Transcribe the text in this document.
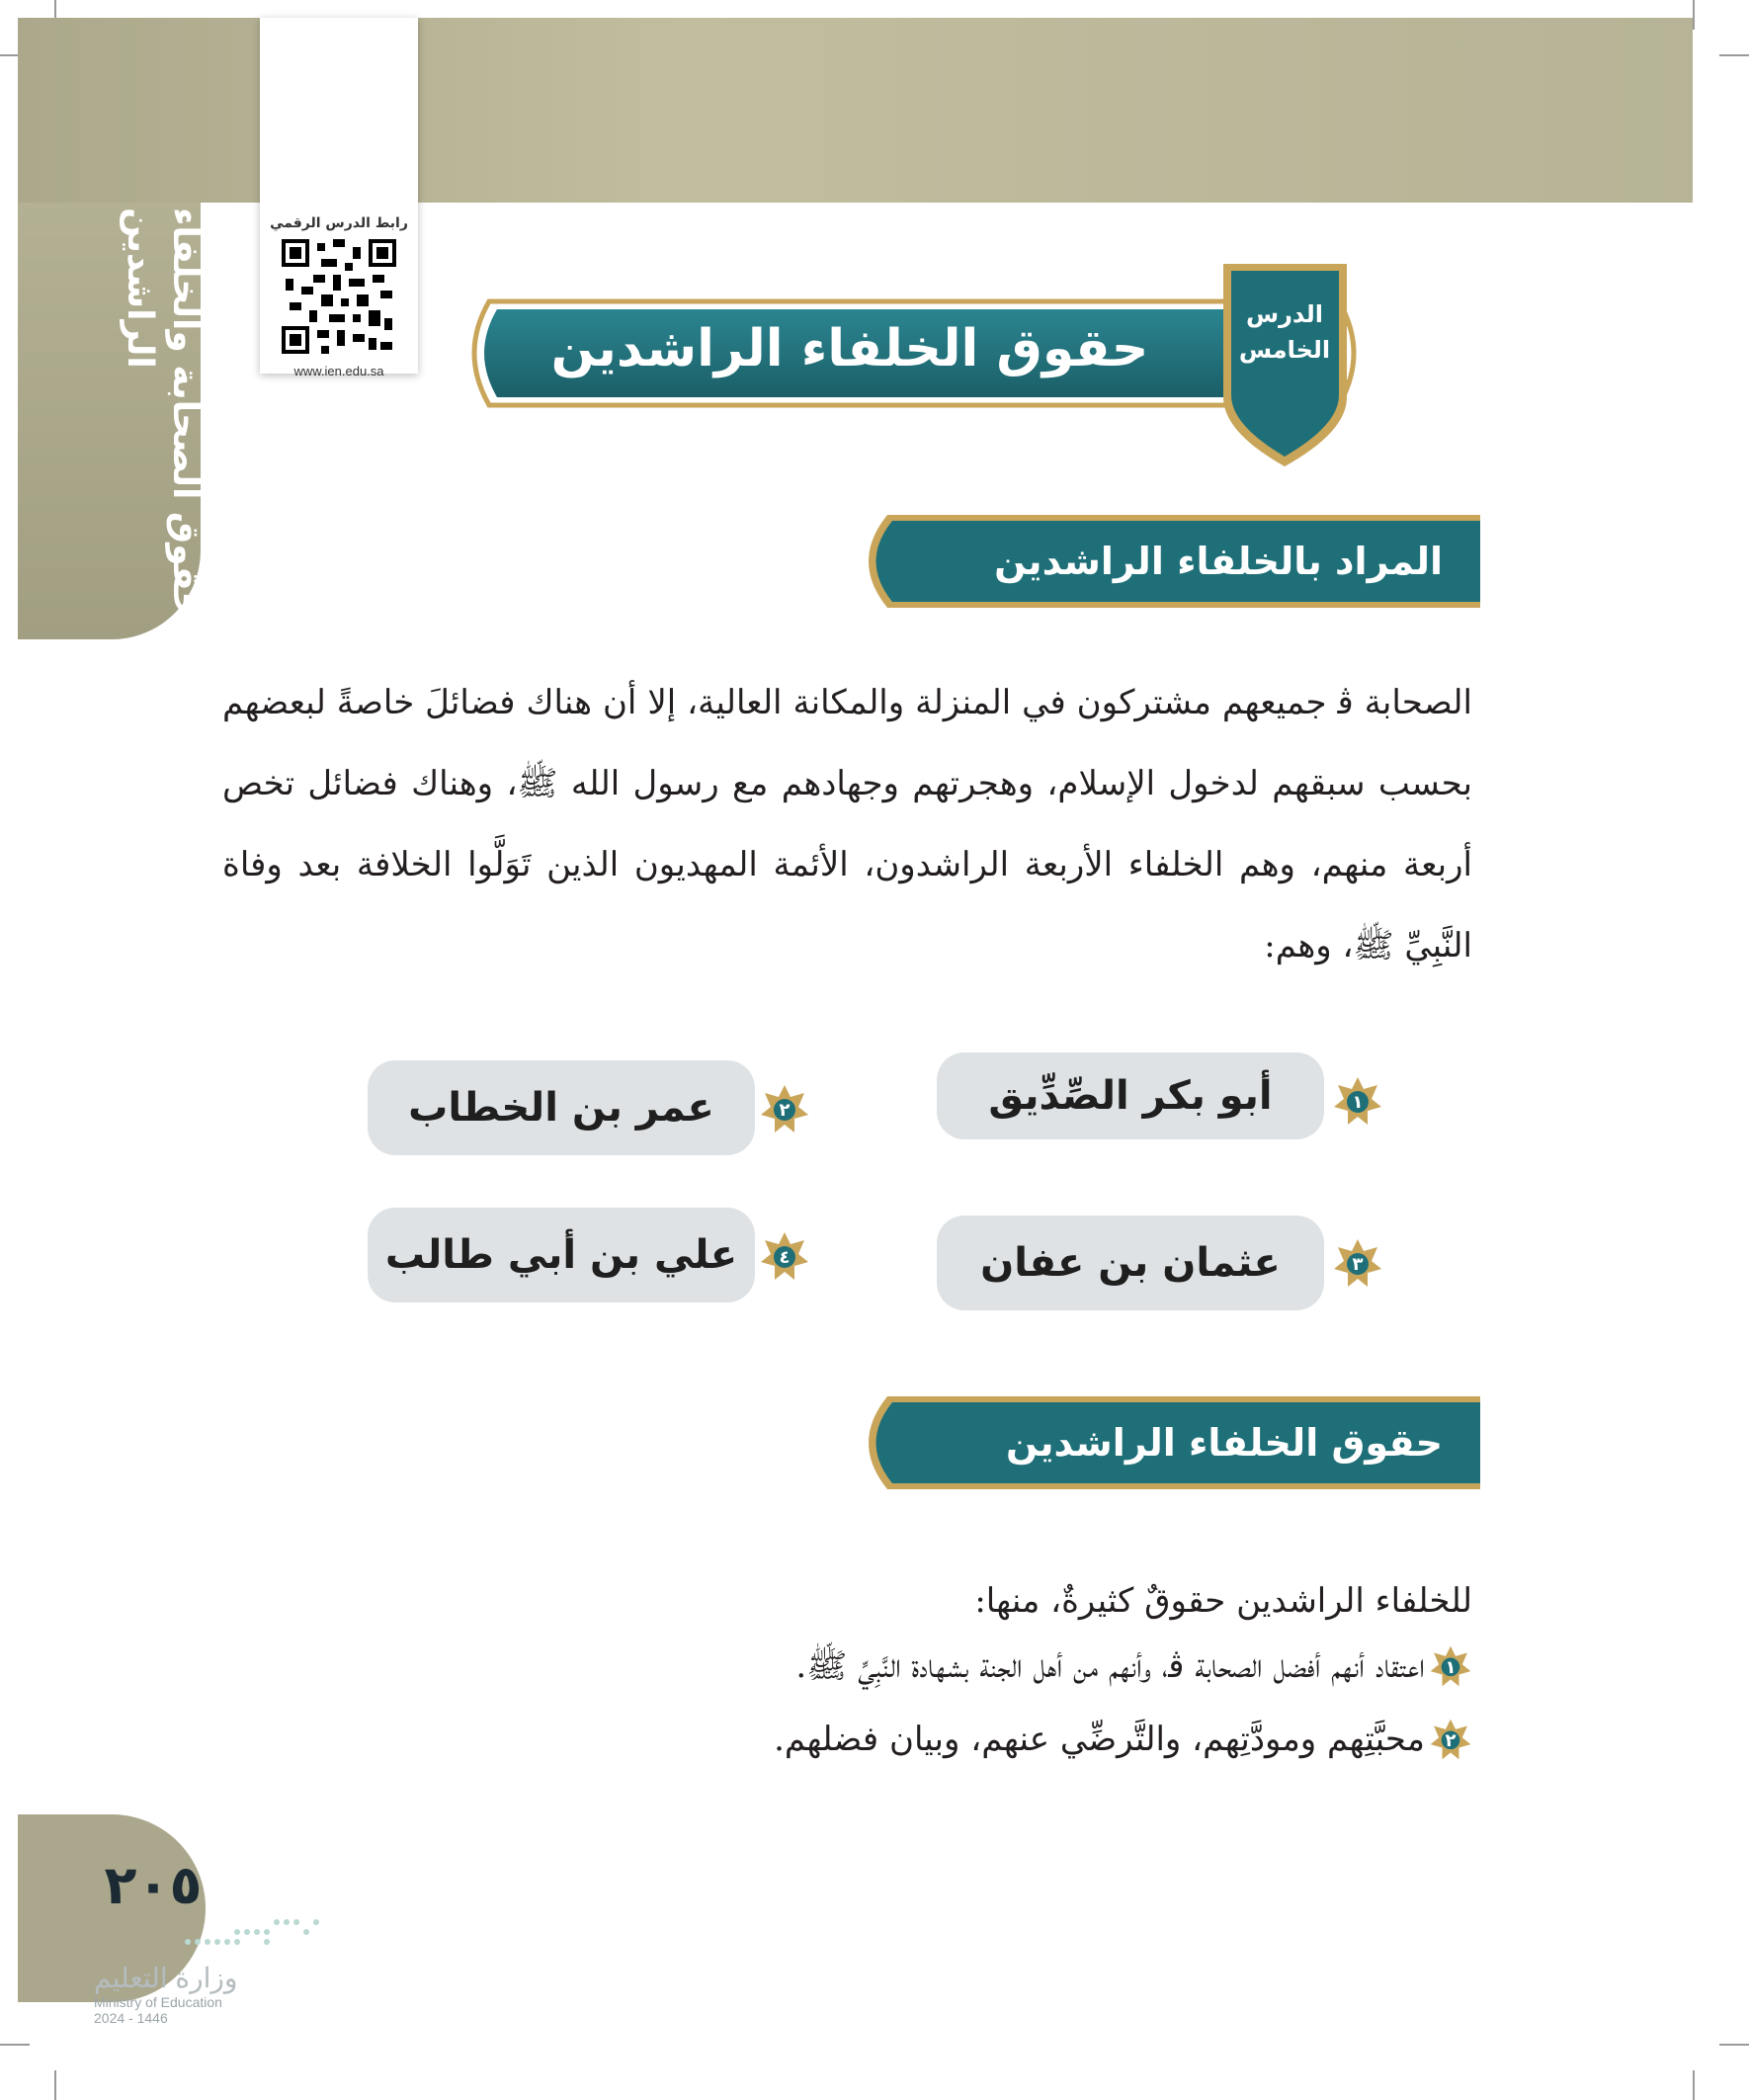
حقوق الصحابة والخلفاء
الراشدين	رابط الدرس الرقمي
www.ien.edu.sa
الدرس
الخامس
حقوق الخلفاء الراشدين
المراد بالخلفاء الراشدين
الصحابة ﭬ جميعهم مشتركون في المنزلة والمكانة العالية، إلا أن هناك فضائلَ خاصةً لبعضهم بحسب سبقهم لدخول الإسلام، وهجرتهم وجهادهم مع رسول الله ﷺ، وهناك فضائل تخص أربعة منهم، وهم الخلفاء الأربعة الراشدون، الأئمة المهديون الذين تَوَلَّوا الخلافة بعد وفاة النَّبِيِّ ﷺ، وهم:
أبو بكر الصِّدِّيق
عمر بن الخطاب
عثمان بن عفان
علي بن أبي طالب
١
٢
٣
٤
حقوق الخلفاء الراشدين
للخلفاء الراشدين حقوقٌ كثيرةٌ، منها:
١
اعتقاد أنهم أفضل الصحابة ﭬ، وأنهم من أهل الجنة بشهادة النَّبِيِّ ﷺ.
٢
محبَّتِهم ومودَّتِهم، والتَّرضِّي عنهم، وبيان فضلهم.
٢٠٥
وزارة التعليم
Ministry of Education
2024 - 1446
